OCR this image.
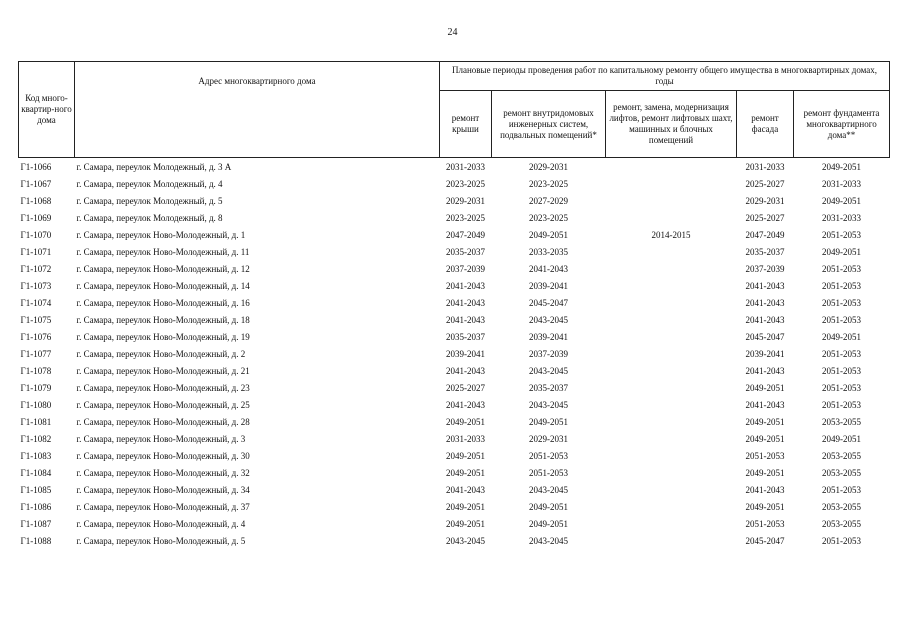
24
Код много-квартир-ного дома	Адрес многоквартирного дома	Плановые периоды проведения работ по капитальному ремонту общего имущества в многоквартирных домах, годы				
		ремонт крыши	ремонт внутридомовых инженерных систем, подвальных помещений*	ремонт, замена, модернизация лифтов, ремонт лифтовых шахт, машинных и блочных помещений	ремонт фасада	ремонт фундамента многоквартирного дома**
Г1-1066	г. Самара, переулок Молодежный, д. 3 А	2031-2033	2029-2031		2031-2033	2049-2051
Г1-1067	г. Самара, переулок Молодежный, д. 4	2023-2025	2023-2025		2025-2027	2031-2033
Г1-1068	г. Самара, переулок Молодежный, д. 5	2029-2031	2027-2029		2029-2031	2049-2051
Г1-1069	г. Самара, переулок Молодежный, д. 8	2023-2025	2023-2025		2025-2027	2031-2033
Г1-1070	г. Самара, переулок Ново-Молодежный, д. 1	2047-2049	2049-2051	2014-2015	2047-2049	2051-2053
Г1-1071	г. Самара, переулок Ново-Молодежный, д. 11	2035-2037	2033-2035		2035-2037	2049-2051
Г1-1072	г. Самара, переулок Ново-Молодежный, д. 12	2037-2039	2041-2043		2037-2039	2051-2053
Г1-1073	г. Самара, переулок Ново-Молодежный, д. 14	2041-2043	2039-2041		2041-2043	2051-2053
Г1-1074	г. Самара, переулок Ново-Молодежный, д. 16	2041-2043	2045-2047		2041-2043	2051-2053
Г1-1075	г. Самара, переулок Ново-Молодежный, д. 18	2041-2043	2043-2045		2041-2043	2051-2053
Г1-1076	г. Самара, переулок Ново-Молодежный, д. 19	2035-2037	2039-2041		2045-2047	2049-2051
Г1-1077	г. Самара, переулок Ново-Молодежный, д. 2	2039-2041	2037-2039		2039-2041	2051-2053
Г1-1078	г. Самара, переулок Ново-Молодежный, д. 21	2041-2043	2043-2045		2041-2043	2051-2053
Г1-1079	г. Самара, переулок Ново-Молодежный, д. 23	2025-2027	2035-2037		2049-2051	2051-2053
Г1-1080	г. Самара, переулок Ново-Молодежный, д. 25	2041-2043	2043-2045		2041-2043	2051-2053
Г1-1081	г. Самара, переулок Ново-Молодежный, д. 28	2049-2051	2049-2051		2049-2051	2053-2055
Г1-1082	г. Самара, переулок Ново-Молодежный, д. 3	2031-2033	2029-2031		2049-2051	2049-2051
Г1-1083	г. Самара, переулок Ново-Молодежный, д. 30	2049-2051	2051-2053		2051-2053	2053-2055
Г1-1084	г. Самара, переулок Ново-Молодежный, д. 32	2049-2051	2051-2053		2049-2051	2053-2055
Г1-1085	г. Самара, переулок Ново-Молодежный, д. 34	2041-2043	2043-2045		2041-2043	2051-2053
Г1-1086	г. Самара, переулок Ново-Молодежный, д. 37	2049-2051	2049-2051		2049-2051	2053-2055
Г1-1087	г. Самара, переулок Ново-Молодежный, д. 4	2049-2051	2049-2051		2051-2053	2053-2055
Г1-1088	г. Самара, переулок Ново-Молодежный, д. 5	2043-2045	2043-2045		2045-2047	2051-2053
